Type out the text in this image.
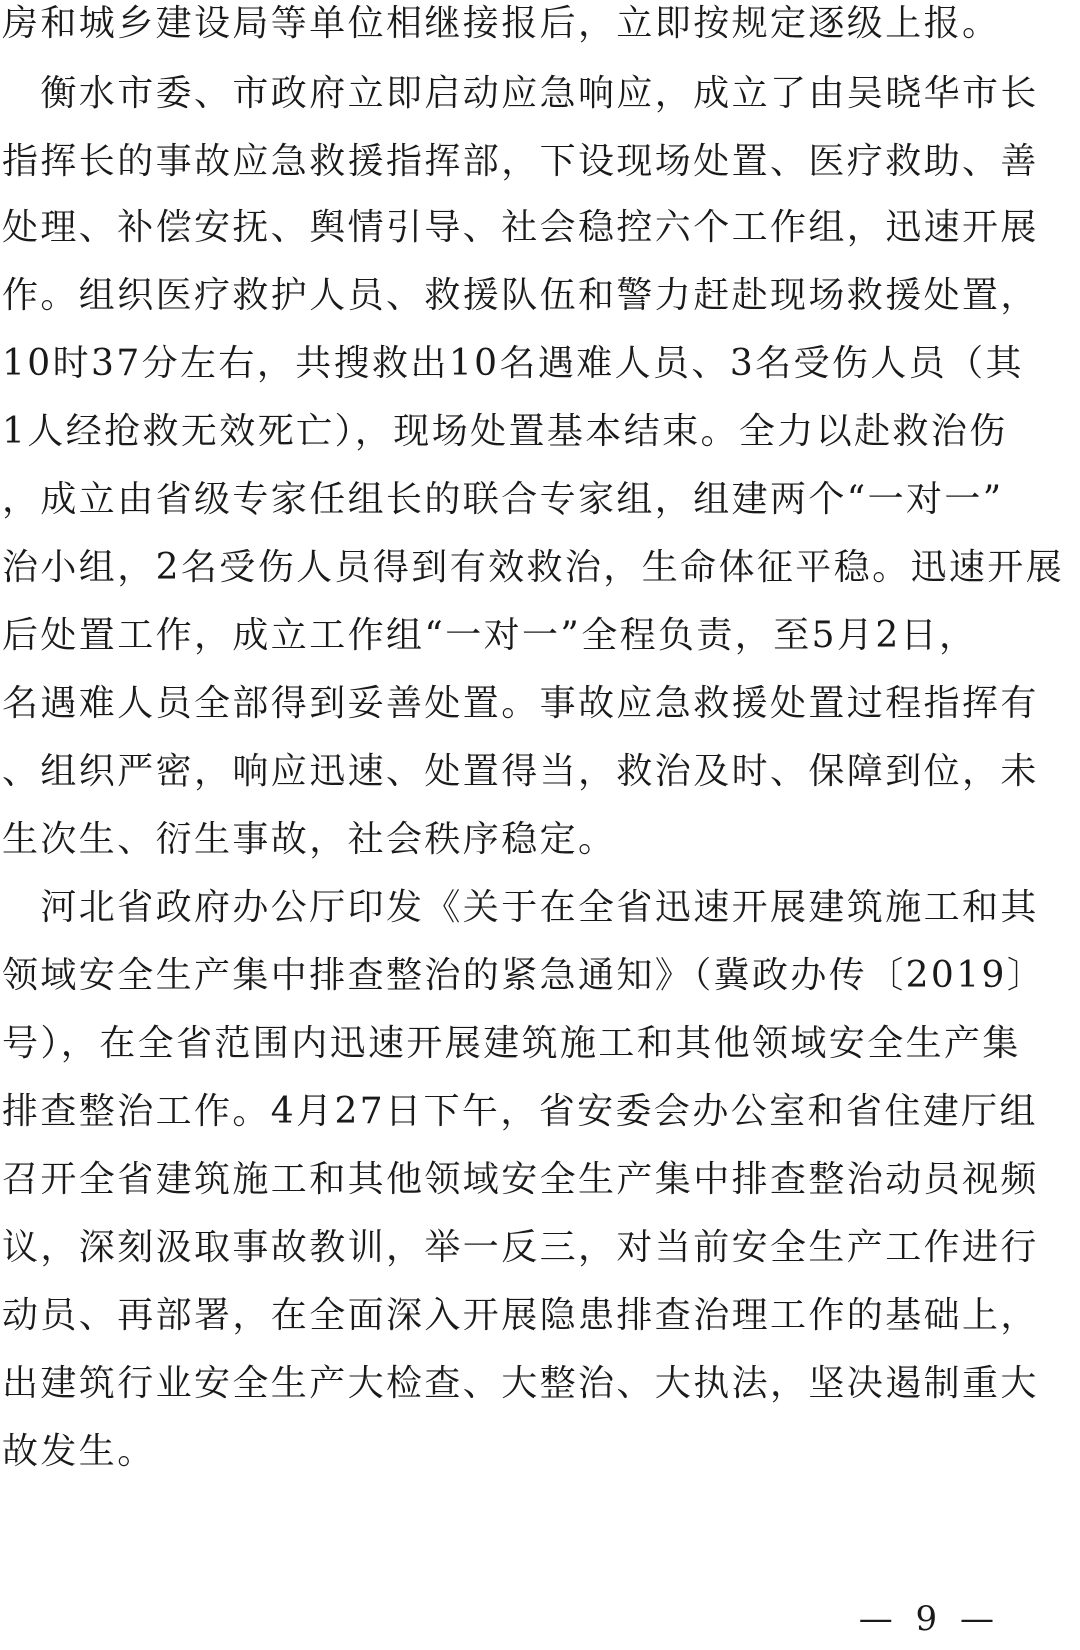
房和城乡建设局等单位相继接报后，立即按规定逐级上报。
　衡水市委、市政府立即启动应急响应，成立了由吴晓华市长
指挥长的事故应急救援指挥部，下设现场处置、医疗救助、善
处理、补偿安抚、舆情引导、社会稳控六个工作组，迅速开展
作。组织医疗救护人员、救援队伍和警力赶赴现场救援处置，
10时37分左右，共搜救出10名遇难人员、3名受伤人员（其
1人经抢救无效死亡），现场处置基本结束。全力以赴救治伤
，成立由省级专家任组长的联合专家组，组建两个“一对一”
治小组，2名受伤人员得到有效救治，生命体征平稳。迅速开展
后处置工作，成立工作组“一对一”全程负责，至5月2日，
名遇难人员全部得到妥善处置。事故应急救援处置过程指挥有
、组织严密，响应迅速、处置得当，救治及时、保障到位，未
生次生、衍生事故，社会秩序稳定。
　河北省政府办公厅印发《关于在全省迅速开展建筑施工和其
领域安全生产集中排查整治的紧急通知》（冀政办传〔2019〕
号），在全省范围内迅速开展建筑施工和其他领域安全生产集
排查整治工作。4月27日下午，省安委会办公室和省住建厅组
召开全省建筑施工和其他领域安全生产集中排查整治动员视频
议，深刻汲取事故教训，举一反三，对当前安全生产工作进行
动员、再部署，在全面深入开展隐患排查治理工作的基础上，
出建筑行业安全生产大检查、大整治、大执法，坚决遏制重大
故发生。
— 9 —
